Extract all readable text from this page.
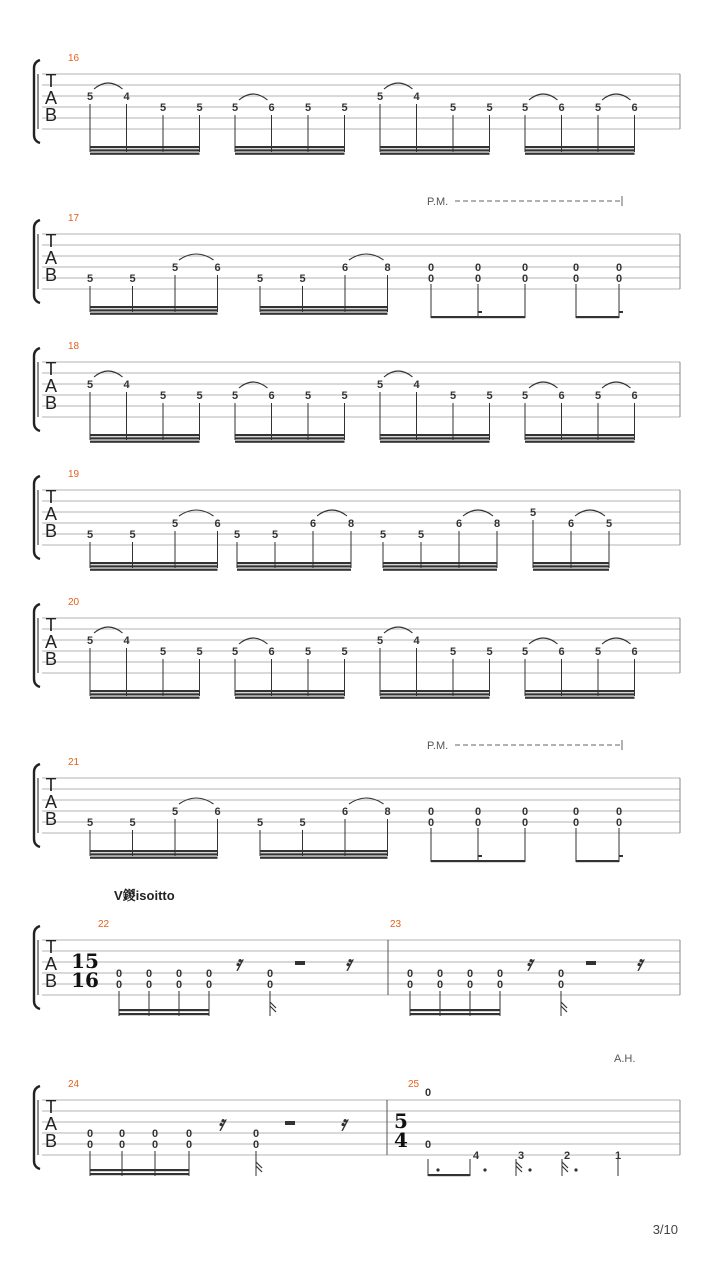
T
A
B
16
5	4
5	5	5	6	5	5
5	4
5	5	5	6	5	6
T
A
B
17
P.M.
5	5
5	6
5	5
6	8	0
0
0
0
0
0
0
0
0
0
T
A
B
18
5	4
5	5	5	6	5	5
5	4
5	5	5	6	5	6
T
A
B
19
5	5
5	6
5	5
6	8
5	5
6	8
5
6	5
T
A
B
20
5	4
5	5	5	6	5	5
5	4
5	5	5	6	5	6
T
A
B
21
P.M.
5	5
5	6
5	5
6	8	0
0
0
0
0
0
0
0
0
0
V鍐isoitto
T
A
B
15
16
22
0
0
0
0
0
0
0
0
0
0
𝄿	𝄿
23
0
0
0
0
0
0
0
0
0
0
𝄿	𝄿
A.H.
T
A
B
24	25
0
0
0
0
0
0
0
0
0
0
𝄿	𝄿 5
4
0
0
4	3	2	1
3/10
